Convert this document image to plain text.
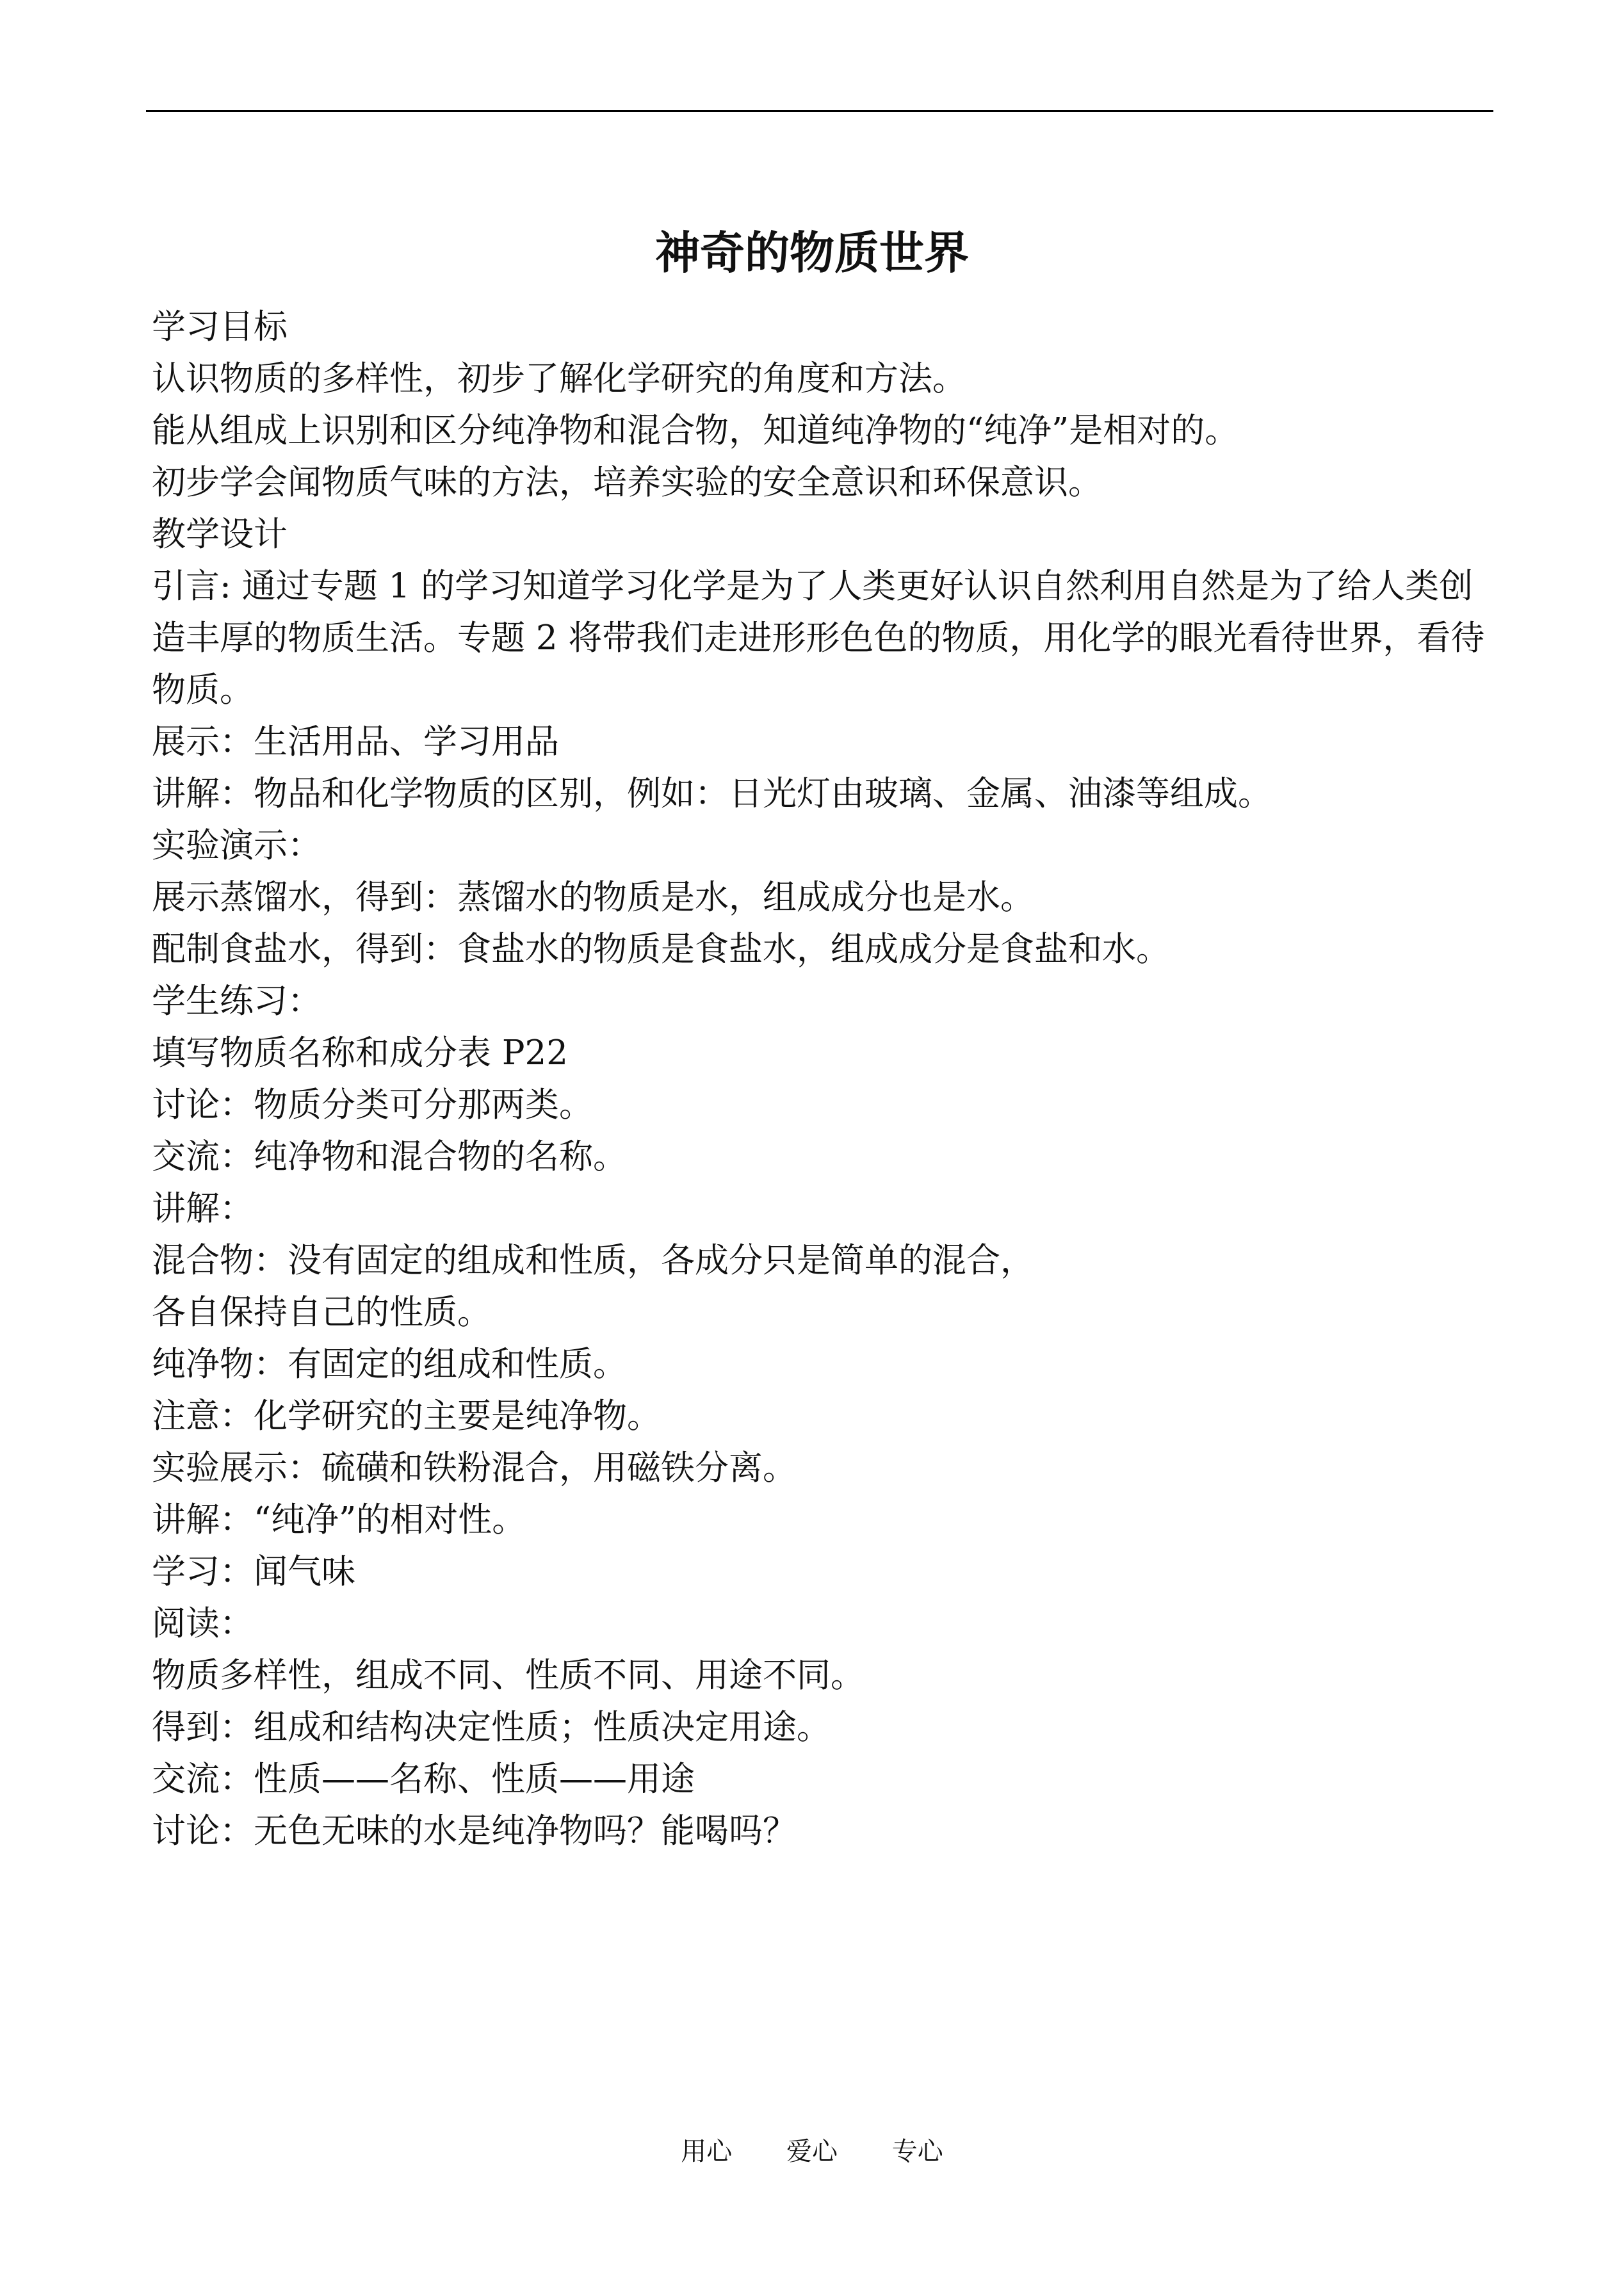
神奇的物质世界

学习目标

认识物质的多样性，初步了解化学研究的角度和方法。

能从组成上识别和区分纯净物和混合物，知道纯净物的“纯净”是相对的。

初步学会闻物质气味的方法，培养实验的安全意识和环保意识。

教学设计

引言: 通过专题 1 的学习知道学习化学是为了人类更好认识自然利用自然是为了给人类创造丰厚的物质生活。专题 2 将带我们走进形形色色的物质，用化学的眼光看待世界，看待物质。

展示：生活用品、学习用品

讲解：物品和化学物质的区别，例如：日光灯由玻璃、金属、油漆等组成。

实验演示：

展示蒸馏水，得到：蒸馏水的物质是水，组成成分也是水。

配制食盐水，得到：食盐水的物质是食盐水，组成成分是食盐和水。

学生练习：

填写物质名称和成分表 P22

讨论：物质分类可分那两类。

交流：纯净物和混合物的名称。

讲解：

混合物：没有固定的组成和性质，各成分只是简单的混合，

各自保持自己的性质。

纯净物：有固定的组成和性质。

注意：化学研究的主要是纯净物。

实验展示：硫磺和铁粉混合，用磁铁分离。

讲解：“纯净”的相对性。

学习：闻气味

阅读：

物质多样性，组成不同、性质不同、用途不同。

得到：组成和结构决定性质；性质决定用途。

交流：性质——名称、性质——用途

讨论：无色无味的水是纯净物吗？能喝吗？

用心 爱心 专心
